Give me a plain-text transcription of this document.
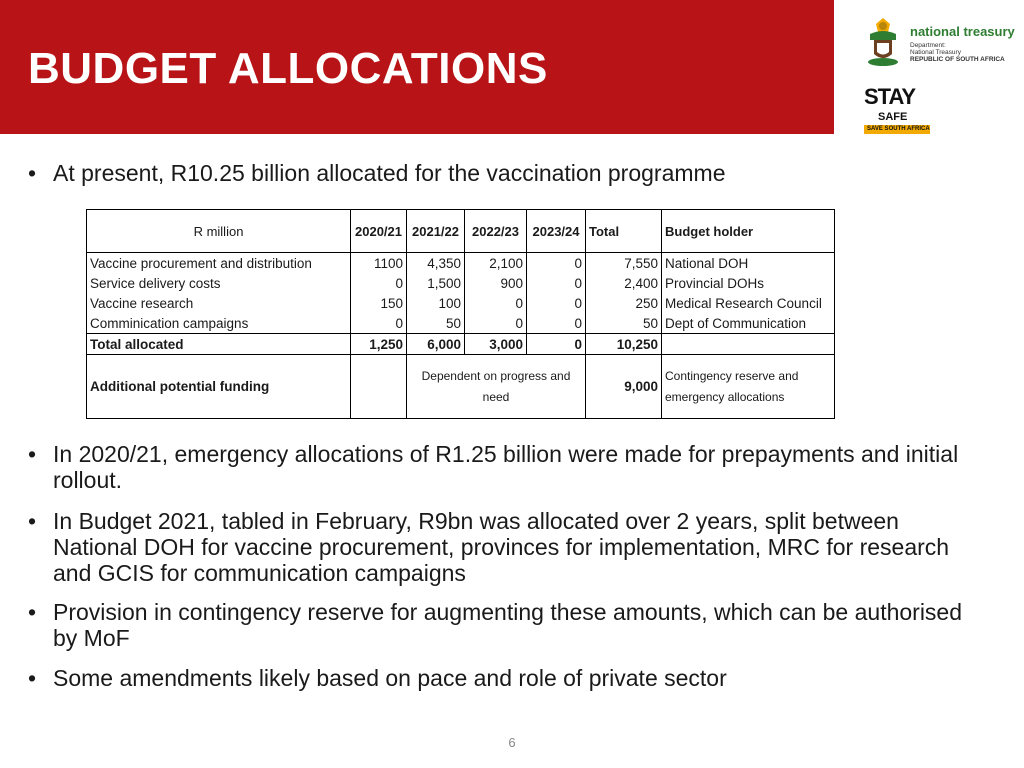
BUDGET ALLOCATIONS
national treasury
Department:
National Treasury
REPUBLIC OF SOUTH AFRICA
STAY
SAFE
SAVE SOUTH AFRICA
• At present, R10.25 billion allocated for the vaccination programme
R million	2020/21	2021/22	2022/23	2023/24	Total	Budget holder
Vaccine procurement and distribution	1100	4,350	2,100	0	7,550	National DOH
Service delivery costs	0	1,500	900	0	2,400	Provincial DOHs
Vaccine research	150	100	0	0	250	Medical Research Council
Comminication campaigns	0	50	0	0	50	Dept of Communication
Total allocated	1,250	6,000	3,000	0	10,250	
Additional potential funding		Dependent on progress and need			9,000	Contingency reserve and emergency allocations
• In 2020/21, emergency allocations of R1.25 billion were made for prepayments and initial rollout.
• In Budget 2021, tabled in February, R9bn was allocated over 2 years, split between National DOH for vaccine procurement, provinces for implementation, MRC for research and GCIS for communication campaigns
• Provision in contingency reserve for augmenting these amounts, which can be authorised by MoF
• Some amendments likely based on pace and role of private sector
6
